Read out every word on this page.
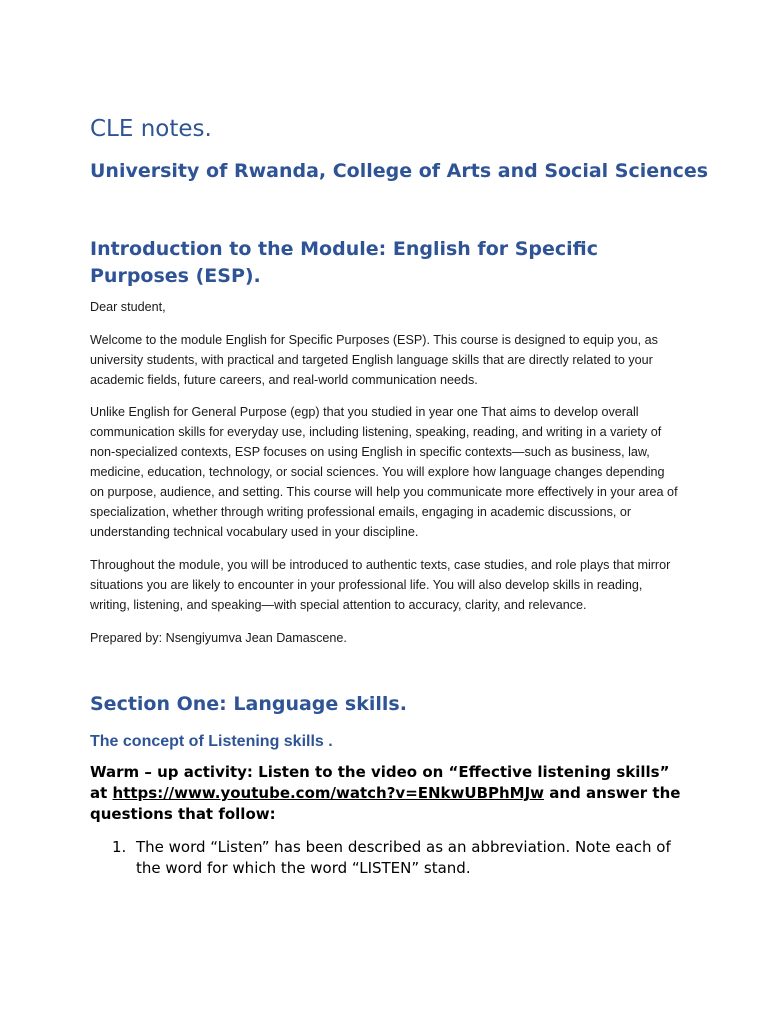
CLE notes.
University of Rwanda, College of Arts and Social Sciences
Introduction to the Module: English for Specific Purposes (ESP).

Dear student,

Welcome to the module English for Specific Purposes (ESP). This course is designed to equip you, as university students, with practical and targeted English language skills that are directly related to your academic fields, future careers, and real-world communication needs.

Unlike English for General Purpose (egp) that you studied in year one That aims to develop overall communication skills for everyday use, including listening, speaking, reading, and writing in a variety of non-specialized contexts, ESP focuses on using English in specific contexts—such as business, law, medicine, education, technology, or social sciences. You will explore how language changes depending on purpose, audience, and setting. This course will help you communicate more effectively in your area of specialization, whether through writing professional emails, engaging in academic discussions, or understanding technical vocabulary used in your discipline.

Throughout the module, you will be introduced to authentic texts, case studies, and role plays that mirror situations you are likely to encounter in your professional life. You will also develop skills in reading, writing, listening, and speaking—with special attention to accuracy, clarity, and relevance.

Prepared by: Nsengiyumva Jean Damascene.

Section One: Language skills.
The concept of Listening skills .

Warm – up activity: Listen to the video on “Effective listening skills” at https://www.youtube.com/watch?v=ENkwUBPhMJw and answer the questions that follow:

1. The word “Listen” has been described as an abbreviation. Note each of the word for which the word “LISTEN” stand.
